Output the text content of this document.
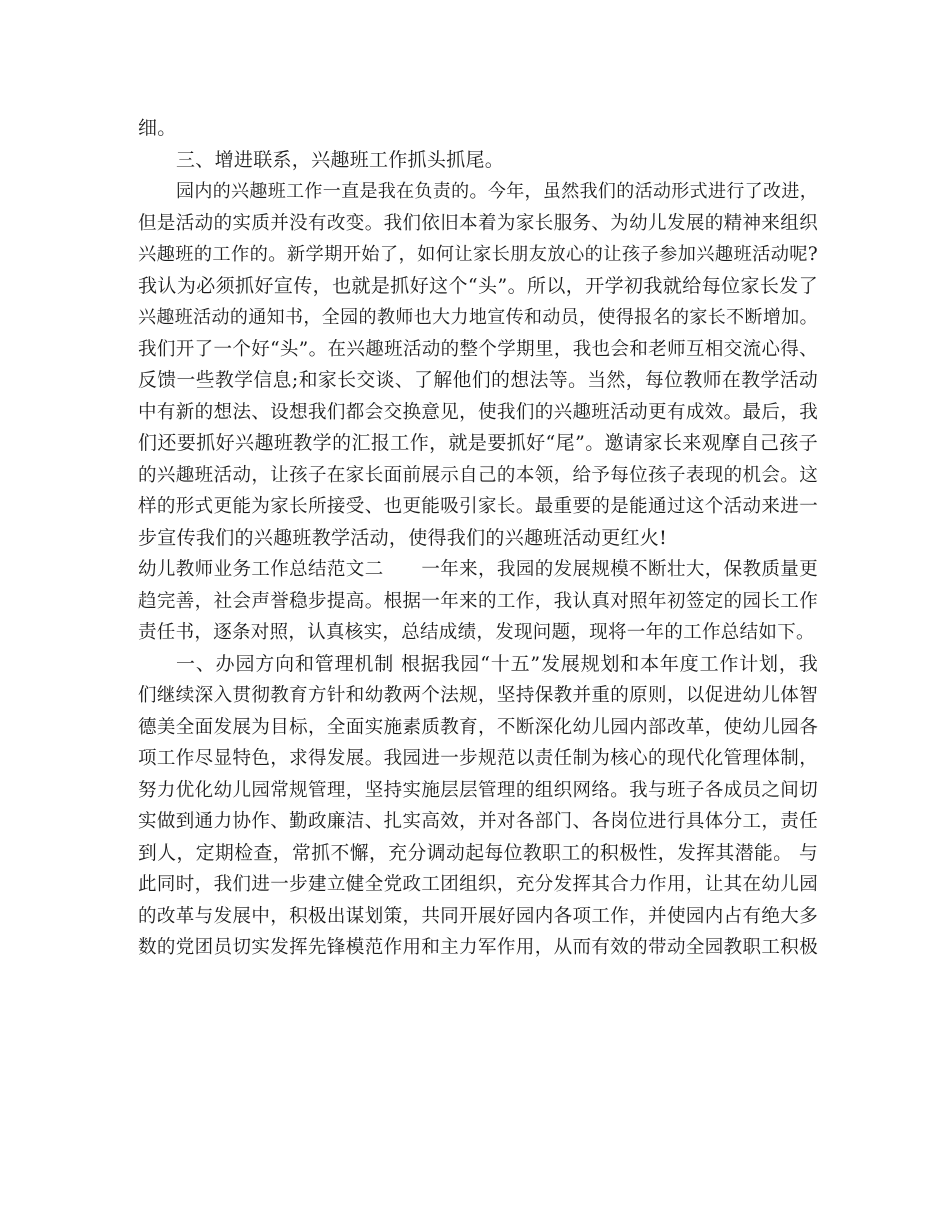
细。
三、增进联系，兴趣班工作抓头抓尾。
园内的兴趣班工作一直是我在负责的。今年，虽然我们的活动形式进行了改进，
但是活动的实质并没有改变。我们依旧本着为家长服务、为幼儿发展的精神来组织
兴趣班的工作的。新学期开始了，如何让家长朋友放心的让孩子参加兴趣班活动呢?
我认为必须抓好宣传，也就是抓好这个“头”。所以，开学初我就给每位家长发了
兴趣班活动的通知书，全园的教师也大力地宣传和动员，使得报名的家长不断增加。
我们开了一个好“头”。在兴趣班活动的整个学期里，我也会和老师互相交流心得、
反馈一些教学信息;和家长交谈、了解他们的想法等。当然，每位教师在教学活动
中有新的想法、设想我们都会交换意见，使我们的兴趣班活动更有成效。最后，我
们还要抓好兴趣班教学的汇报工作，就是要抓好“尾”。邀请家长来观摩自己孩子
的兴趣班活动，让孩子在家长面前展示自己的本领，给予每位孩子表现的机会。这
样的形式更能为家长所接受、也更能吸引家长。最重要的是能通过这个活动来进一
步宣传我们的兴趣班教学活动，使得我们的兴趣班活动更红火!
幼儿教师业务工作总结范文二　　一年来，我园的发展规模不断壮大，保教质量更
趋完善，社会声誉稳步提高。根据一年来的工作，我认真对照年初签定的园长工作
责任书，逐条对照，认真核实，总结成绩，发现问题，现将一年的工作总结如下。
一、办园方向和管理机制 根据我园“十五”发展规划和本年度工作计划，我
们继续深入贯彻教育方针和幼教两个法规，坚持保教并重的原则，以促进幼儿体智
德美全面发展为目标，全面实施素质教育，不断深化幼儿园内部改革，使幼儿园各
项工作尽显特色，求得发展。我园进一步规范以责任制为核心的现代化管理体制，
努力优化幼儿园常规管理，坚持实施层层管理的组织网络。我与班子各成员之间切
实做到通力协作、勤政廉洁、扎实高效，并对各部门、各岗位进行具体分工，责任
到人，定期检查，常抓不懈，充分调动起每位教职工的积极性，发挥其潜能。 与
此同时，我们进一步建立健全党政工团组织，充分发挥其合力作用，让其在幼儿园
的改革与发展中，积极出谋划策，共同开展好园内各项工作，并使园内占有绝大多
数的党团员切实发挥先锋模范作用和主力军作用，从而有效的带动全园教职工积极
